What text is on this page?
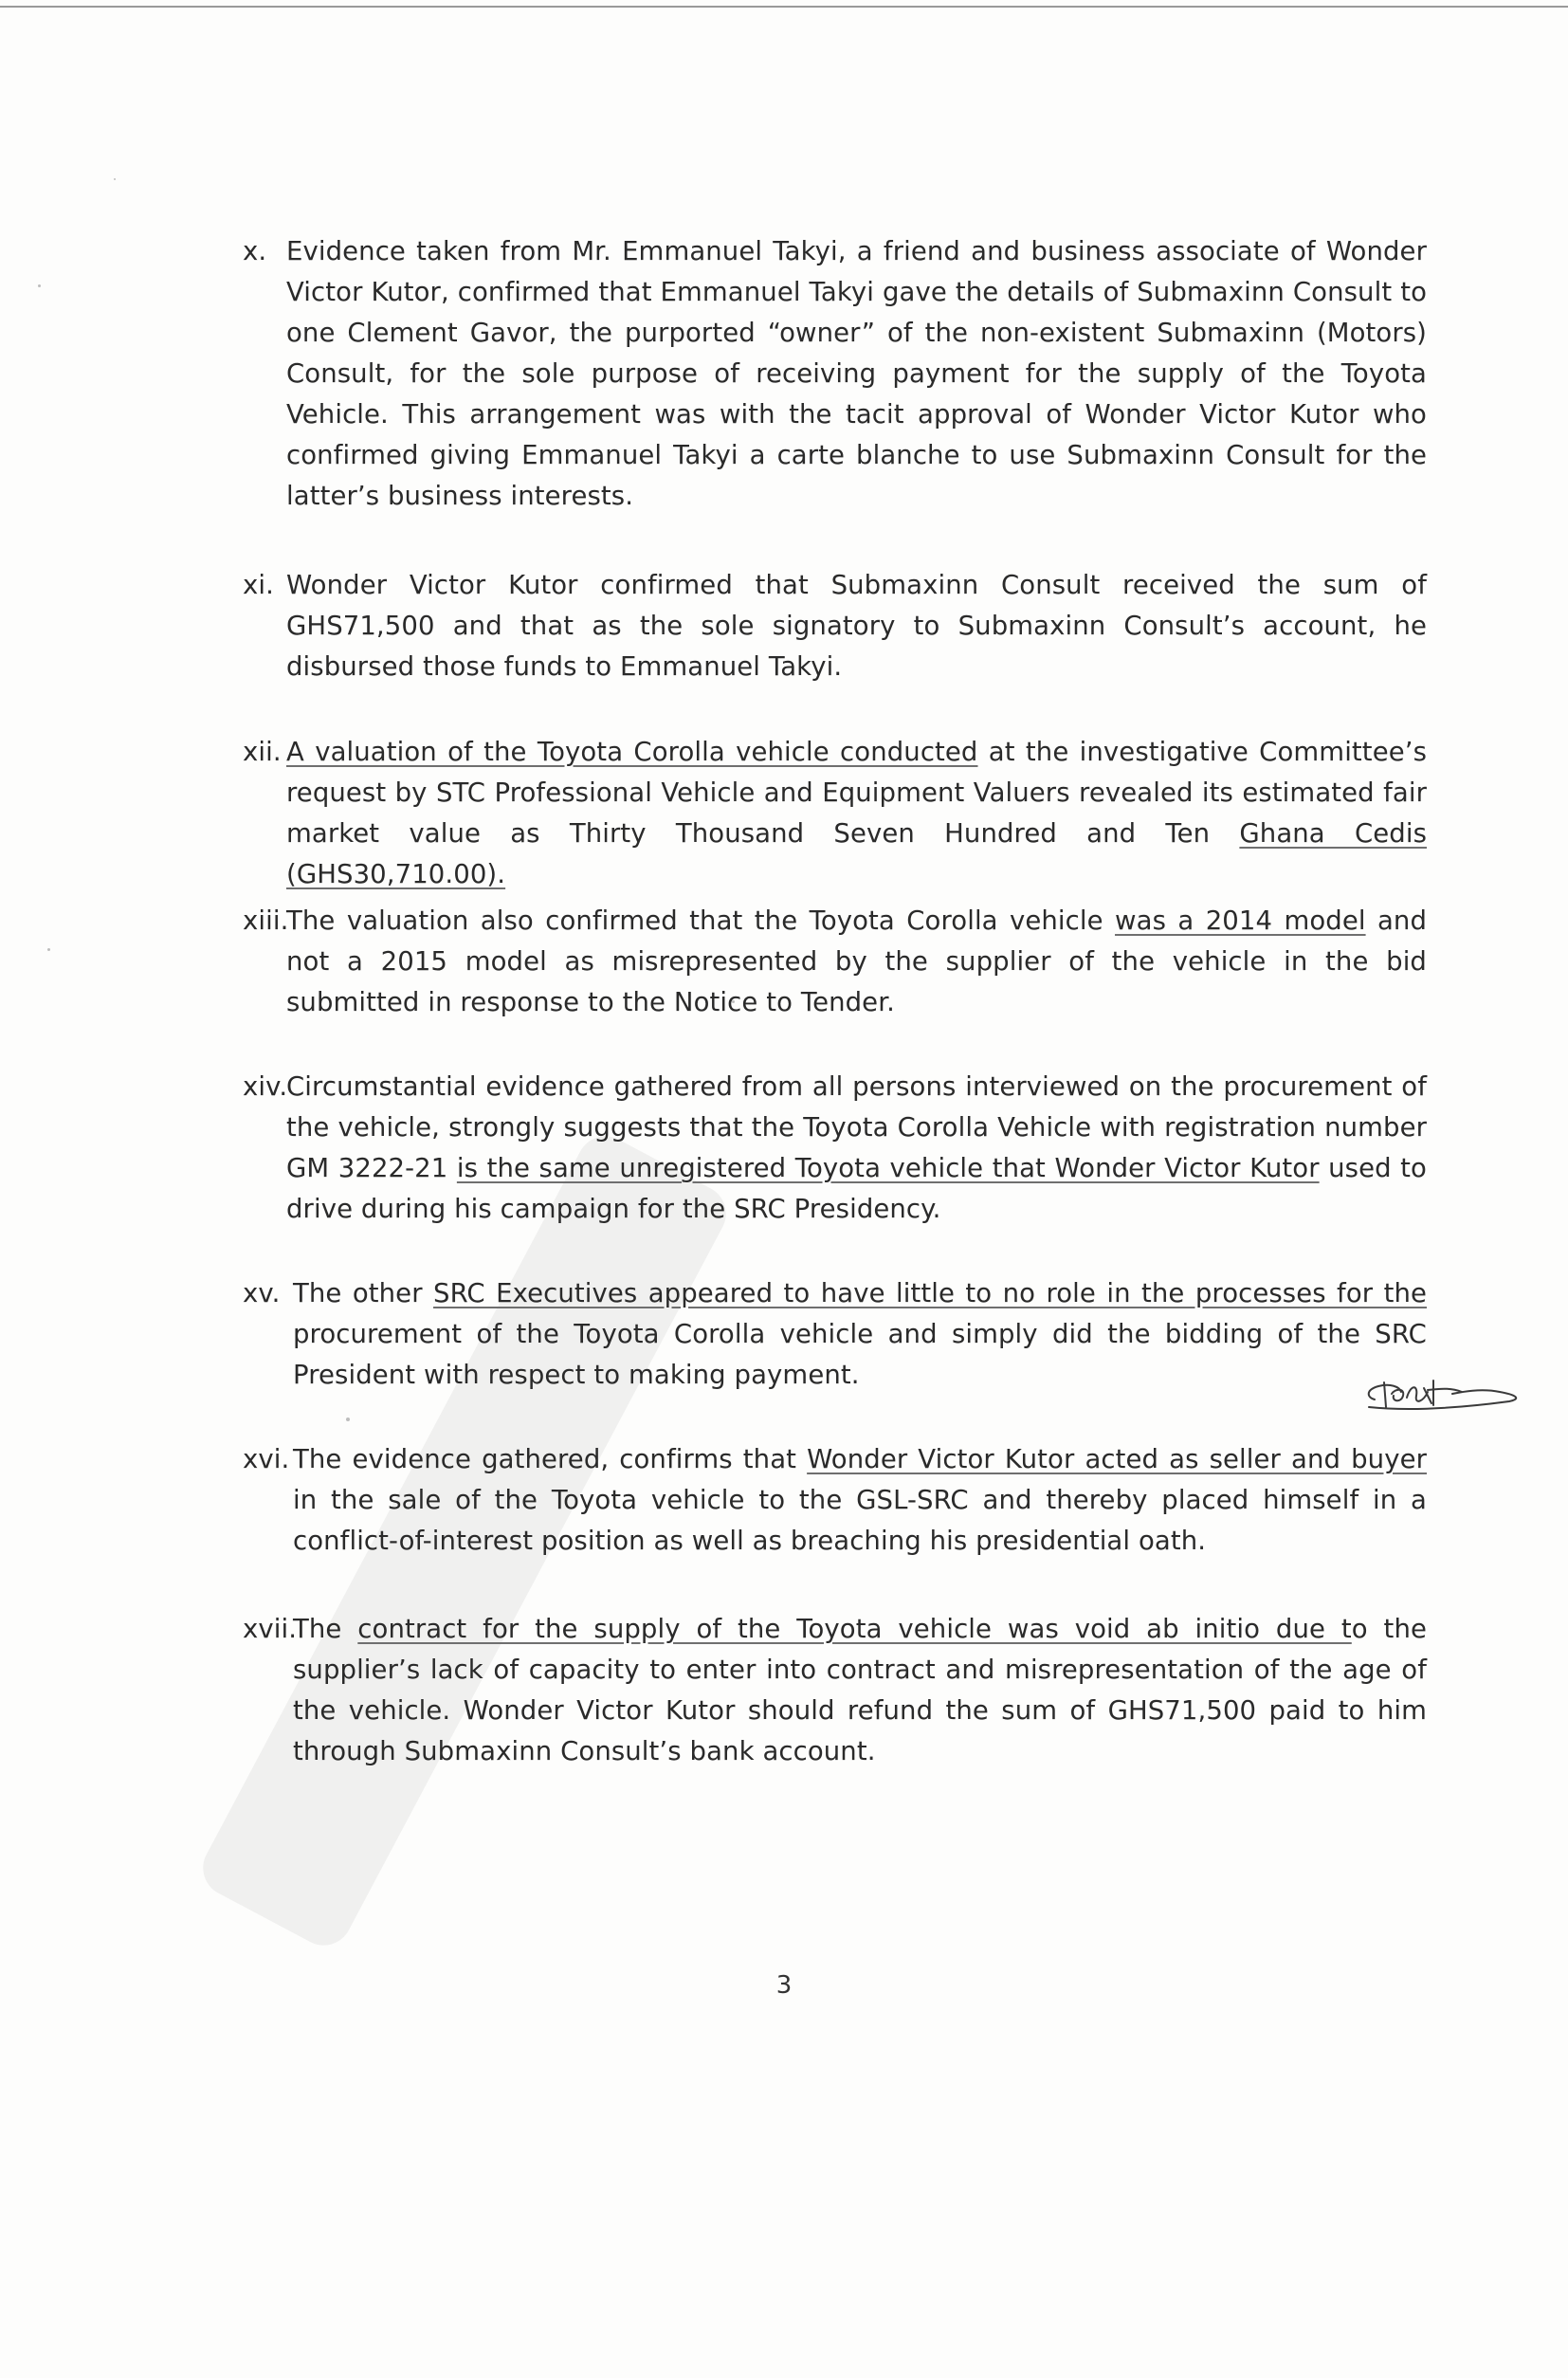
x. Evidence taken from Mr. Emmanuel Takyi, a friend and business associate of Wonder Victor Kutor, confirmed that Emmanuel Takyi gave the details of Submaxinn Consult to one Clement Gavor, the purported “owner” of the non-existent Submaxinn (Motors) Consult, for the sole purpose of receiving payment for the supply of the Toyota Vehicle. This arrangement was with the tacit approval of Wonder Victor Kutor who confirmed giving Emmanuel Takyi a carte blanche to use Submaxinn Consult for the latter’s business interests.
xi. Wonder Victor Kutor confirmed that Submaxinn Consult received the sum of GHS71,500 and that as the sole signatory to Submaxinn Consult’s account, he disbursed those funds to Emmanuel Takyi.
xii. A valuation of the Toyota Corolla vehicle conducted at the investigative Committee’s request by STC Professional Vehicle and Equipment Valuers revealed its estimated fair market value as Thirty Thousand Seven Hundred and Ten Ghana Cedis (GHS30,710.00).
xiii.
The valuation also confirmed that the Toyota Corolla vehicle was a 2014 model and not a 2015 model as misrepresented by the supplier of the vehicle in the bid submitted in response to the Notice to Tender.
xiv.
Circumstantial evidence gathered from all persons interviewed on the procurement of the vehicle, strongly suggests that the Toyota Corolla Vehicle with registration number GM 3222-21 is the same unregistered Toyota vehicle that Wonder Victor Kutor used to drive during his campaign for the SRC Presidency.
xv. The other SRC Executives appeared to have little to no role in the processes for the procurement of the Toyota Corolla vehicle and simply did the bidding of the SRC President with respect to making payment.
xvi. The evidence gathered, confirms that Wonder Victor Kutor acted as seller and buyer in the sale of the Toyota vehicle to the GSL-SRC and thereby placed himself in a conflict-of-interest position as well as breaching his presidential oath.
xvii.
The contract for the supply of the Toyota vehicle was void ab initio due to the supplier’s lack of capacity to enter into contract and misrepresentation of the age of the vehicle. Wonder Victor Kutor should refund the sum of GHS71,500 paid to him through Submaxinn Consult’s bank account.
3
